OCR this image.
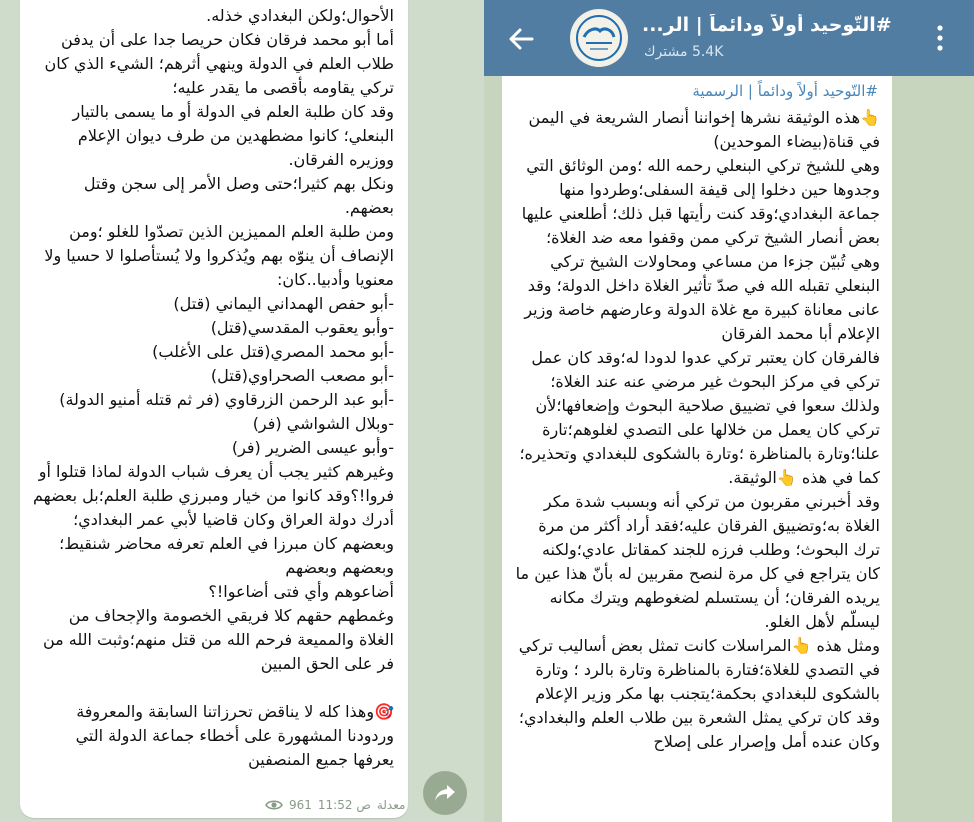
الأحوال؛ولكن البغدادي خذله.
أما أبو محمد فرقان فكان حريصا جدا على أن يدفن طلاب العلم في الدولة وينهي أثرهم؛ الشيء الذي كان تركي يقاومه بأقصى ما يقدر عليه؛
وقد كان طلبة العلم في الدولة أو ما يسمى بالتيار البنعلي؛ كانوا مضطهدين من طرف ديوان الإعلام ووزيره الفرقان.
ونكل بهم كثيرا؛حتى وصل الأمر إلى سجن وقتل بعضهم.
ومن طلبة العلم المميزين الذين تصدّوا للغلو ؛ومن الإنصاف أن ينوّه بهم ويُذكروا ولا يُستأصلوا لا حسيا ولا معنويا وأدبيا..كان:
-أبو حفص الهمداني اليماني (قتل)
-وأبو يعقوب المقدسي(قتل)
-أبو محمد المصري(قتل على الأغلب)
-أبو مصعب الصحراوي(قتل)
-أبو عبد الرحمن الزرقاوي (فر ثم قتله أمنيو الدولة)
-وبلال الشواشي (فر)
-وأبو عيسى الضرير (فر)
وغيرهم كثير يجب أن يعرف شباب الدولة لماذا قتلوا أو فروا!؟وقد كانوا من خيار ومبرزي طلبة العلم؛بل بعضهم أدرك دولة العراق وكان قاضيا لأبي عمر البغدادي؛وبعضهم كان مبرزا في العلم تعرفه محاضر شنقيط؛ وبعضهم وبعضهم
أضاعوهم وأي فتى أضاعوا!؟
وغمطهم حقهم كلا فريقي الخصومة والإجحاف من الغلاة والمميعة فرحم الله من قتل منهم؛وثبت الله من فر على الحق المبين

🎯وهذا كله لا يناقض تحرزاتنا السابقة والمعروفة وردودنا المشهورة على أخطاء جماعة الدولة التي يعرفها جميع المنصفين
961 11:52 ص معدلة
#التّوحيد أولاً ودائماً | الر...
5.4K مشترك
#التّوحيد أولاً ودائماً | الرسمية
👆هذه الوثيقة نشرها إخواننا أنصار الشريعة في اليمن في قناة(بيضاء الموحدين)
وهي للشيخ تركي البنعلي رحمه الله ؛ومن الوثائق التي وجدوها حين دخلوا إلى قيفة السفلى؛وطردوا منها جماعة البغدادي؛وقد كنت رأيتها قبل ذلك؛ أطلعني عليها بعض أنصار الشيخ تركي ممن وقفوا معه ضد الغلاة؛
وهي تُبيّن جزءا من مساعي ومحاولات الشيخ تركي البنعلي تقبله الله في صدّ تأثير الغلاة داخل الدولة؛ وقد عانى معاناة كبيرة مع غلاة الدولة وعارضهم خاصة وزير الإعلام أبا محمد الفرقان
فالفرقان كان يعتبر تركي عدوا لدودا له؛وقد كان عمل تركي في مركز البحوث غير مرضي عنه عند الغلاة؛ولذلك سعوا في تضييق صلاحية البحوث وإضعافها؛لأن تركي كان يعمل من خلالها على التصدي لغلوهم؛تارة علنا؛وتارة بالمناظرة ؛وتارة بالشكوى للبغدادي وتحذيره؛كما في هذه 👆الوثيقة.
وقد أخبرني مقربون من تركي أنه وبسبب شدة مكر الغلاة به؛وتضييق الفرقان عليه؛فقد أراد أكثر من مرة ترك البحوث؛ وطلب فرزه للجند كمقاتل عادي؛ولكنه كان يتراجع في كل مرة لنصح مقربين له بأنّ هذا عين ما يريده الفرقان؛ أن يستسلم لضغوطهم ويترك مكانه ليسلّم لأهل الغلو.
ومثل هذه 👆المراسلات كانت تمثل بعض أساليب تركي في التصدي للغلاة؛فتارة بالمناظرة وتارة بالرد ؛ وتارة بالشكوى للبغدادي بحكمة؛يتجنب بها مكر وزير الإعلام
وقد كان تركي يمثل الشعرة بين طلاب العلم والبغدادي؛وكان عنده أمل وإصرار على إصلاح
